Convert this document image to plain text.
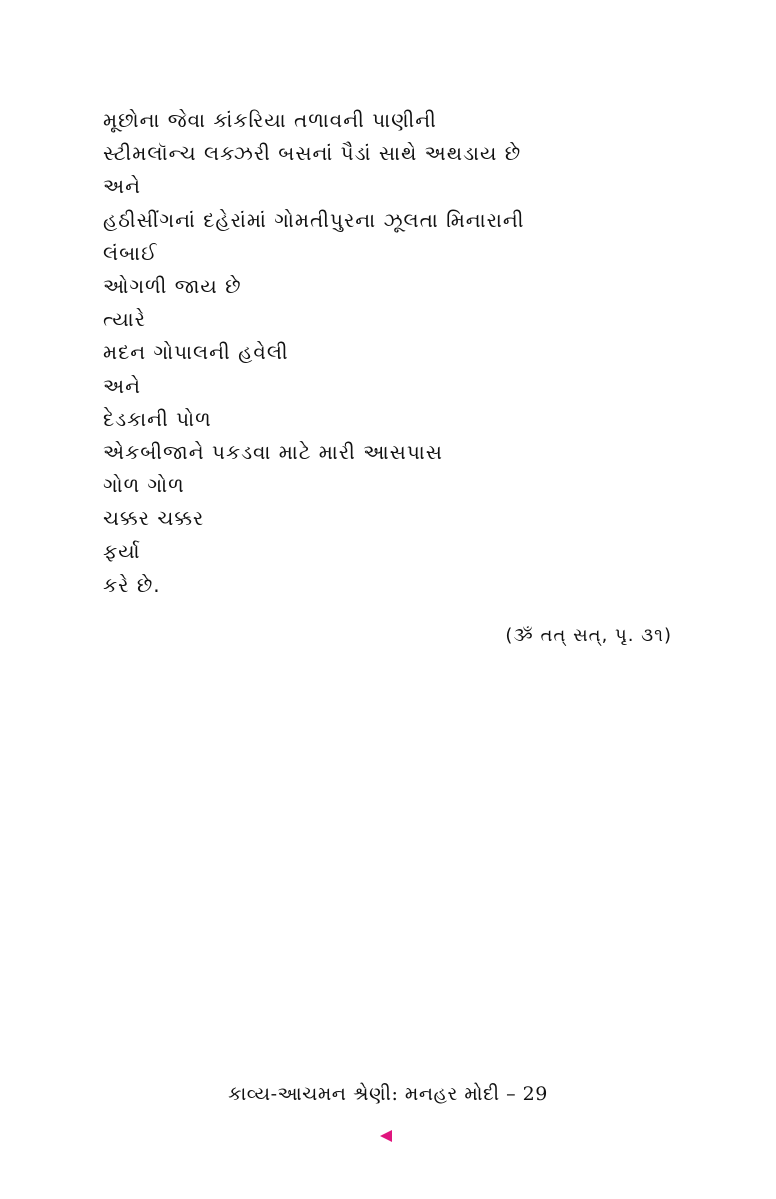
મૂછોના જેવા કાંકરિયા તળાવની પાણીની
સ્ટીમલૉન્ચ લક્ઝરી બસનાં પૈડાં સાથે અથડાય છે
અને
હઠીસીંગનાં દહેરાંમાં ગોમતીપુરના ઝૂલતા મિનારાની
લંબાઈ
ઓગળી જાય છે
ત્યારે
મદન ગોપાલની હવેલી
અને
દેડકાની પોળ
એકબીજાને પકડવા માટે મારી આસપાસ
ગોળ ગોળ
ચક્કર ચક્કર
ફર્યા
કરે છે.
(ૐ તત્ સત્, પૃ. ૩૧)
કાવ્ય-આચમન શ્રેણી: મનહર મોદી – 29
